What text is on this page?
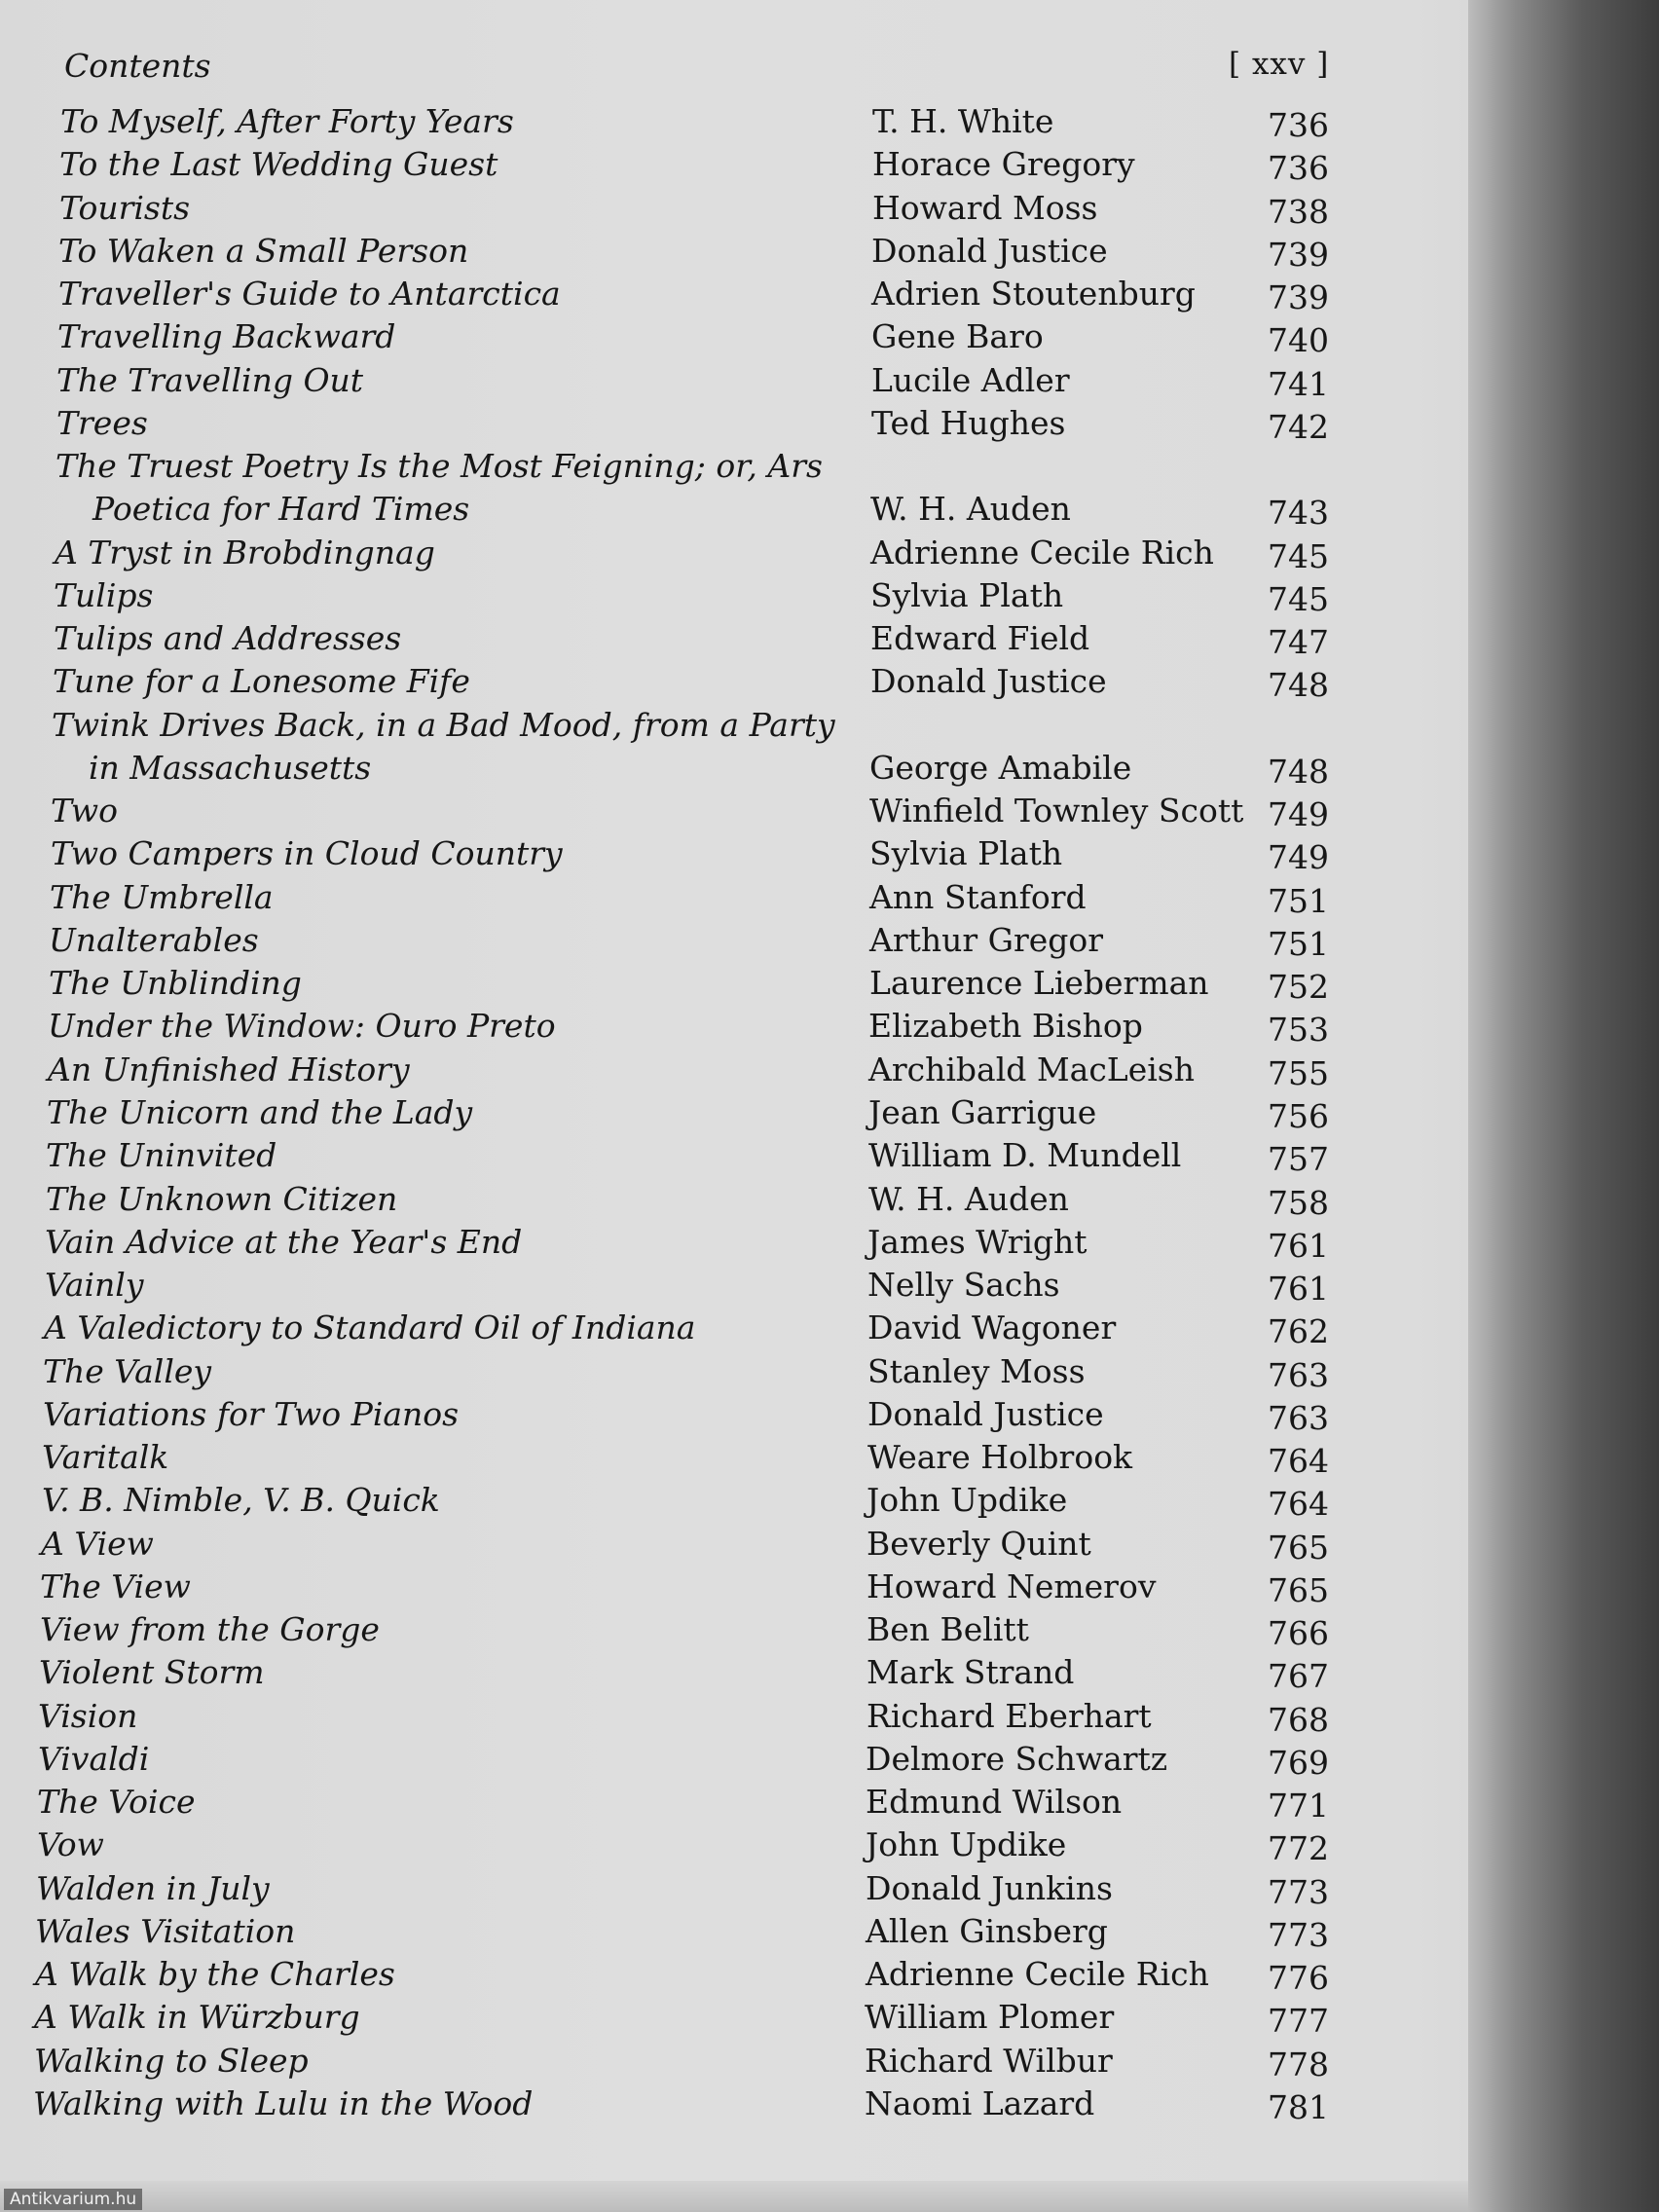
Contents	[ xxv ]
To Myself, After Forty Years	T. H. White	736
To the Last Wedding Guest	Horace Gregory	736
Tourists	Howard Moss	738
To Waken a Small Person	Donald Justice	739
Traveller's Guide to Antarctica	Adrien Stoutenburg 739
Travelling Backward	Gene Baro	740
The Travelling Out	Lucile Adler	741
Trees	Ted Hughes	742
The Truest Poetry Is the Most Feigning; or, Ars
Poetica for Hard Times	W. H. Auden	743
A Tryst in Brobdingnag	Adrienne Cecile Rich 745
Tulips	Sylvia Plath	745
Tulips and Addresses	Edward Field	747
Tune for a Lonesome Fife	Donald Justice	748
Twink Drives Back, in a Bad Mood, from a Party
in Massachusetts	George Amabile	748
Two	Winfield Townley Scott 749
Two Campers in Cloud Country	Sylvia Plath	749
The Umbrella	Ann Stanford	751
Unalterables	Arthur Gregor	751
The Unblinding	Laurence Lieberman 752
Under the Window: Ouro Preto	Elizabeth Bishop	753
An Unfinished History	Archibald MacLeish 755
The Unicorn and the Lady	Jean Garrigue	756
The Uninvited	William D. Mundell	757
The Unknown Citizen	W. H. Auden	758
Vain Advice at the Year's End	James Wright	761
Vainly	Nelly Sachs	761
A Valedictory to Standard Oil of Indiana	David Wagoner	762
The Valley	Stanley Moss	763
Variations for Two Pianos	Donald Justice	763
Varitalk	Weare Holbrook	764
V. B. Nimble, V. B. Quick	John Updike	764
A View	Beverly Quint	765
The View	Howard Nemerov	765
View from the Gorge	Ben Belitt	766
Violent Storm	Mark Strand	767
Vision	Richard Eberhart	768
Vivaldi	Delmore Schwartz	769
The Voice	Edmund Wilson	771
Vow	John Updike	772
Walden in July	Donald Junkins	773
Wales Visitation	Allen Ginsberg	773
A Walk by the Charles	Adrienne Cecile Rich 776
A Walk in Würzburg	William Plomer	777
Walking to Sleep	Richard Wilbur	778
Walking with Lulu in the Wood	Naomi Lazard	781
Antikvarium.hu
